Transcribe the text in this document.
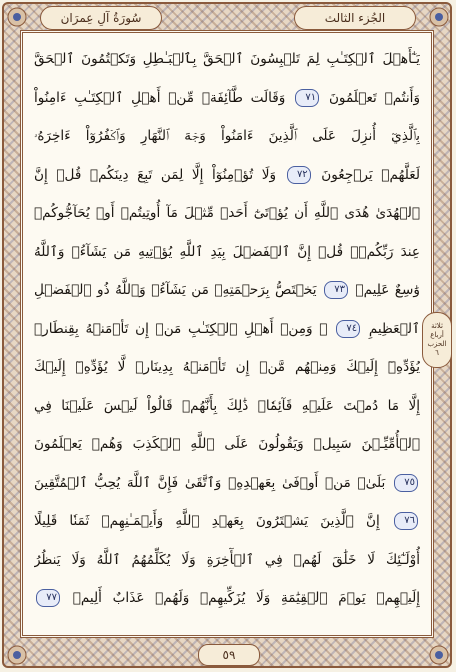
سُورَةُ آلِ عِمرَان	الجُزء الثالث
يَـٰٓأَهۡلَ ٱلۡكِتَـٰبِ لِمَ تَلۡبِسُونَ ٱلۡحَقَّ بِٱلۡبَـٰطِلِ وَتَكۡتُمُونَ ٱلۡحَقَّ
وَأَنتُمۡ تَعۡلَمُونَ ٧١ وَقَالَت طَّآئِفَةٞ مِّنۡ أَهۡلِ ٱلۡكِتَـٰبِ ءَامِنُواْ
بِٱلَّذِيٓ أُنزِلَ عَلَى ٱلَّذِينَ ءَامَنُواْ وَجۡهَ ٱلنَّهَارِ وَٱكۡفُرُوٓاْ ءَاخِرَهُۥ
لَعَلَّهُمۡ يَرۡجِعُونَ ٧٢ وَلَا تُؤۡمِنُوٓاْ إِلَّا لِمَن تَبِعَ دِينَكُمۡ قُلۡ إِنَّ
ٱلۡهُدَىٰ هُدَى ٱللَّهِ أَن يُؤۡتَىٰٓ أَحَدٞ مِّثۡلَ مَآ أُوتِيتُمۡ أَوۡ يُحَآجُّوكُمۡ
عِندَ رَبِّكُمۡۗ قُلۡ إِنَّ ٱلۡفَضۡلَ بِيَدِ ٱللَّهِ يُؤۡتِيهِ مَن يَشَآءُۗ وَٱللَّهُ
وَٰسِعٌ عَلِيمٞ ٧٣ يَخۡتَصُّ بِرَحۡمَتِهِۦ مَن يَشَآءُۗ وَٱللَّهُ ذُو ٱلۡفَضۡلِ
ٱلۡعَظِيمِ ٧٤ ۞ وَمِنۡ أَهۡلِ ٱلۡكِتَـٰبِ مَنۡ إِن تَأۡمَنۡهُ بِقِنطَارٖ
يُؤَدِّهِۦٓ إِلَيۡكَ وَمِنۡهُم مَّنۡ إِن تَأۡمَنۡهُ بِدِينَارٖ لَّا يُؤَدِّهِۦٓ إِلَيۡكَ
إِلَّا مَا دُمۡتَ عَلَيۡهِ قَآئِمٗاۗ ذَٰلِكَ بِأَنَّهُمۡ قَالُواْ لَيۡسَ عَلَيۡنَا فِي
ٱلۡأُمِّيِّـۧنَ سَبِيلٞ وَيَقُولُونَ عَلَى ٱللَّهِ ٱلۡكَذِبَ وَهُمۡ يَعۡلَمُونَ
٧٥ بَلَىٰۚ مَنۡ أَوۡفَىٰ بِعَهۡدِهِۦ وَٱتَّقَىٰ فَإِنَّ ٱللَّهَ يُحِبُّ ٱلۡمُتَّقِينَ
٧٦ إِنَّ ٱلَّذِينَ يَشۡتَرُونَ بِعَهۡدِ ٱللَّهِ وَأَيۡمَـٰنِهِمۡ ثَمَنٗا قَلِيلًا
أُوْلَـٰٓئِكَ لَا خَلَٰقَ لَهُمۡ فِي ٱلۡأٓخِرَةِ وَلَا يُكَلِّمُهُمُ ٱللَّهُ وَلَا يَنظُرُ
إِلَيۡهِمۡ يَوۡمَ ٱلۡقِيَٰمَةِ وَلَا يُزَكِّيهِمۡ وَلَهُمۡ عَذَابٌ أَلِيمٞ ٧٧
ثلاثة أرباع
الحزب
٦
٥٩
